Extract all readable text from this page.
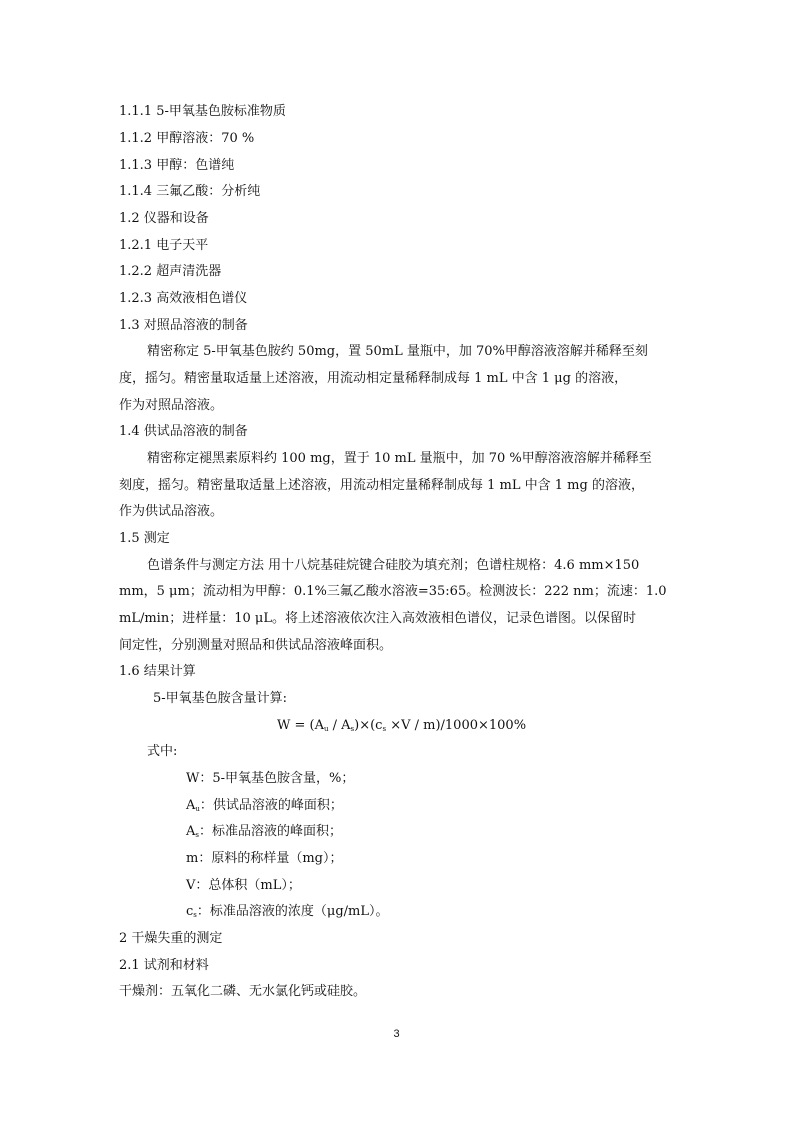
1.1.1 5-甲氧基色胺标准物质
1.1.2 甲醇溶液：70 %
1.1.3 甲醇：色谱纯
1.1.4 三氟乙酸：分析纯
1.2 仪器和设备
1.2.1 电子天平
1.2.2 超声清洗器
1.2.3 高效液相色谱仪
1.3 对照品溶液的制备
精密称定 5-甲氧基色胺约 50mg，置 50mL 量瓶中，加 70%甲醇溶液溶解并稀释至刻
度，摇匀。精密量取适量上述溶液，用流动相定量稀释制成每 1 mL 中含 1 μg 的溶液，
作为对照品溶液。
1.4 供试品溶液的制备
精密称定褪黑素原料约 100 mg，置于 10 mL 量瓶中，加 70 %甲醇溶液溶解并稀释至
刻度，摇匀。精密量取适量上述溶液，用流动相定量稀释制成每 1 mL 中含 1 mg 的溶液，
作为供试品溶液。
1.5 测定
色谱条件与测定方法 用十八烷基硅烷键合硅胶为填充剂；色谱柱规格：4.6 mm×150
mm，5 μm；流动相为甲醇：0.1%三氟乙酸水溶液=35:65。检测波长：222 nm；流速：1.0
mL/min；进样量：10 μL。将上述溶液依次注入高效液相色谱仪，记录色谱图。以保留时
间定性，分别测量对照品和供试品溶液峰面积。
1.6 结果计算
5-甲氧基色胺含量计算:
$W = (A_u / A_s)\times(c_s \times V / m)/1000\times 100\%$
式中:
W：5-甲氧基色胺含量，%；
$A_u$：供试品溶液的峰面积；
$A_s$：标准品溶液的峰面积；
m：原料的称样量（mg）；
V：总体积（mL）；
$c_s$：标准品溶液的浓度（μg/mL）。
2 干燥失重的测定
2.1 试剂和材料
干燥剂：五氧化二磷、无水氯化钙或硅胶。
3
